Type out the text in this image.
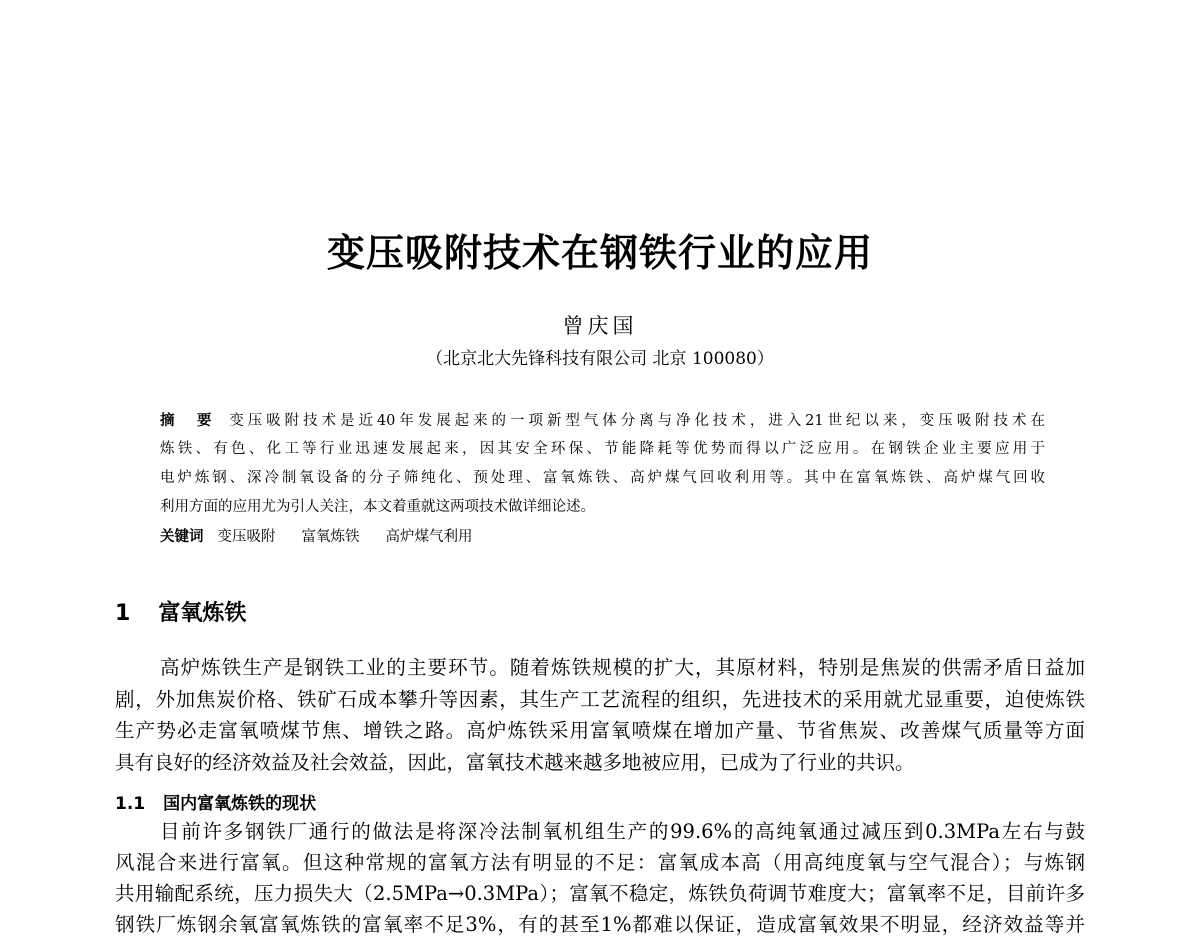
变压吸附技术在钢铁行业的应用
曾庆国
（北京北大先锋科技有限公司 北京 100080）
摘　要 变压吸附技术是近40年发展起来的一项新型气体分离与净化技术，进入21世纪以来，变压吸附技术在
炼铁、有色、化工等行业迅速发展起来，因其安全环保、节能降耗等优势而得以广泛应用。在钢铁企业主要应用于
电炉炼钢、深冷制氧设备的分子筛纯化、预处理、富氧炼铁、高炉煤气回收利用等。其中在富氧炼铁、高炉煤气回收
利用方面的应用尤为引人关注，本文着重就这两项技术做详细论述。
关键词 变压吸附 富氧炼铁 高炉煤气利用
1 富氧炼铁
高炉炼铁生产是钢铁工业的主要环节。随着炼铁规模的扩大，其原材料，特别是焦炭的供需矛盾日益加
剧，外加焦炭价格、铁矿石成本攀升等因素，其生产工艺流程的组织，先进技术的采用就尤显重要，迫使炼铁
生产势必走富氧喷煤节焦、增铁之路。高炉炼铁采用富氧喷煤在增加产量、节省焦炭、改善煤气质量等方面
具有良好的经济效益及社会效益，因此，富氧技术越来越多地被应用，已成为了行业的共识。
1.1 国内富氧炼铁的现状
目前许多钢铁厂通行的做法是将深冷法制氧机组生产的99.6%的高纯氧通过减压到0.3MPa左右与鼓
风混合来进行富氧。但这种常规的富氧方法有明显的不足：富氧成本高（用高纯度氧与空气混合）；与炼钢
共用输配系统，压力损失大（2.5MPa→0.3MPa）；富氧不稳定，炼铁负荷调节难度大；富氧率不足，目前许多
钢铁厂炼钢余氧富氧炼铁的富氧率不足3%，有的甚至1%都难以保证，造成富氧效果不明显，经济效益等并
